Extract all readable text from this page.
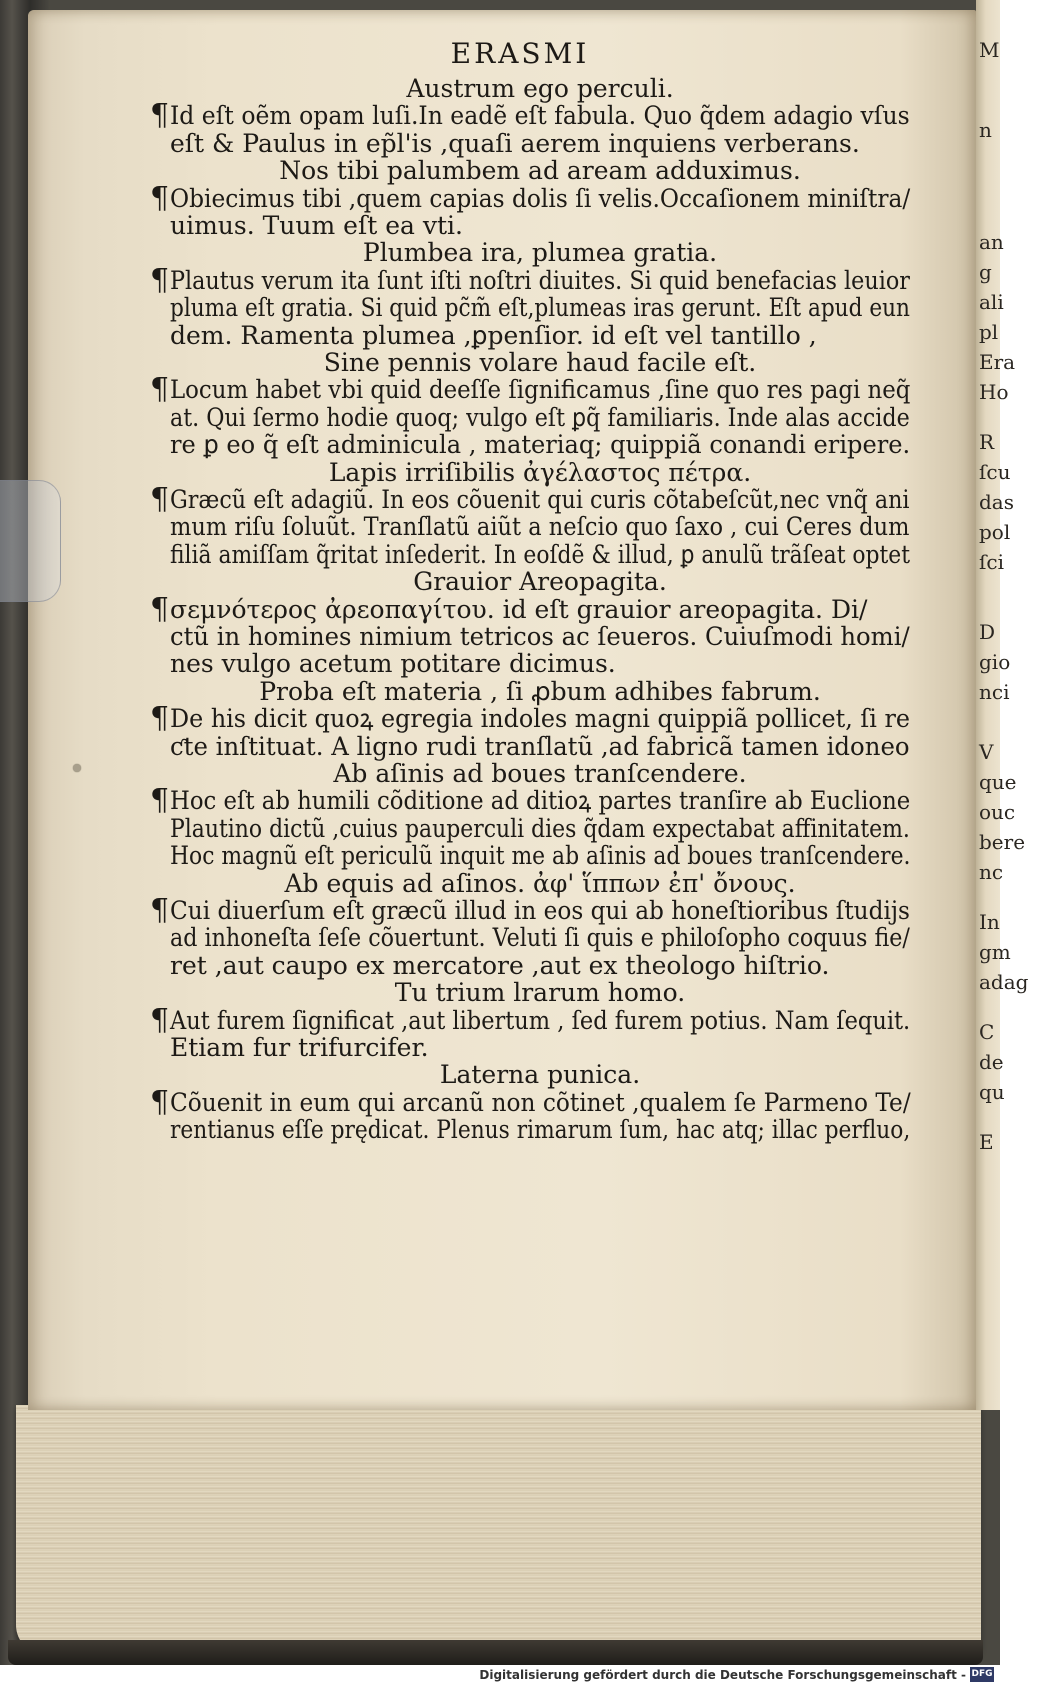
ERASMI
Austrum ego perculi.
¶ Id eſt oẽm opam luſi.In eadẽ eſt fabula. Quo q̃dem adagio vſus
eſt & Paulus in ep̃l'is ,quaſi aerem inquiens verberans.
Nos tibi palumbem ad aream adduximus.
¶ Obiecimus tibi ,quem capias dolis ſi velis.Occaſionem miniſtra/
uimus. Tuum eſt ea vti.
Plumbea ira, plumea gratia.
¶ Plautus verum ita ſunt iſti noſtri diuites. Si quid benefacias leuior
pluma eſt gratia. Si quid pc̃m̃ eſt,plumeas iras gerunt. Eſt apud eun
dem. Ramenta plumea ,ꝑpenſior. id eſt vel tantillo ,
Sine pennis volare haud facile eſt.
¶ Locum habet vbi quid deeſſe ſignificamus ,ſine quo res pagi neq̃
at. Qui ſermo hodie quoq; vulgo eſt ꝑq̃ familiaris. Inde alas accide
re ꝑ eo q̃ eſt adminicula , materiaq; quippiã conandi eripere.
Lapis irriſibilis ἀγέλαστος πέτρα.
¶ Græcũ eſt adagiũ. In eos cõuenit qui curis cõtabeſcũt,nec vnq̃ ani
mum riſu ſoluũt. Tranſlatũ aiũt a neſcio quo ſaxo , cui Ceres dum
filiã amiſſam q̃ritat inſederit. In eoſdẽ & illud, ꝑ anulũ trãſeat optet
Grauior Areopagita.
¶ σεμνότερος ἀρεοπαγίτου. id eſt grauior areopagita. Di/
ctũ in homines nimium tetricos ac ſeueros. Cuiuſmodi homi/
nes vulgo acetum potitare dicimus.
Proba eſt materia , ſi ꝓbum adhibes fabrum.
¶ De his dicit quoꝝ egregia indoles magni quippiã pollicet, ſi re
ƈte inſtituat. A ligno rudi tranſlatũ ,ad fabricã tamen idoneo
Ab aſinis ad boues tranſcendere.
¶ Hoc eſt ab humili cõditione ad ditioꝝ partes tranſire ab Euclione
Plautino dictũ ,cuius pauperculi dies q̃dam expectabat affinitatem.
Hoc magnũ eſt periculũ inquit me ab aſinis ad boues tranſcendere.
Ab equis ad aſinos. ἀφ' ἵππων ἐπ' ὄνους.
¶ Cui diuerſum eſt græcũ illud in eos qui ab honeſtioribus ſtudijs
ad inhoneſta ſeſe cõuertunt. Veluti ſi quis e philoſopho coquus fie/
ret ,aut caupo ex mercatore ,aut ex theologo hiſtrio.
Tu trium lrarum homo.
¶ Aut furem ſignificat ,aut libertum , ſed furem potius. Nam ſequit.
Etiam fur trifurcifer.
Laterna punica.
¶ Cõuenit in eum qui arcanũ non cõtinet ,qualem ſe Parmeno Te/
rentianus eſſe prędicat. Plenus rimarum ſum, hac atq; illac perfluo,
M
n
an
g
ali
pl
Era
Ho
R
ſcu
das
pol
ſci
D
gio
nci
V
que
ouc
bere
nc
In
gm
adag
C
de
qu
E
Digitalisierung gefördert durch die Deutsche Forschungsgemeinschaft - DFG
